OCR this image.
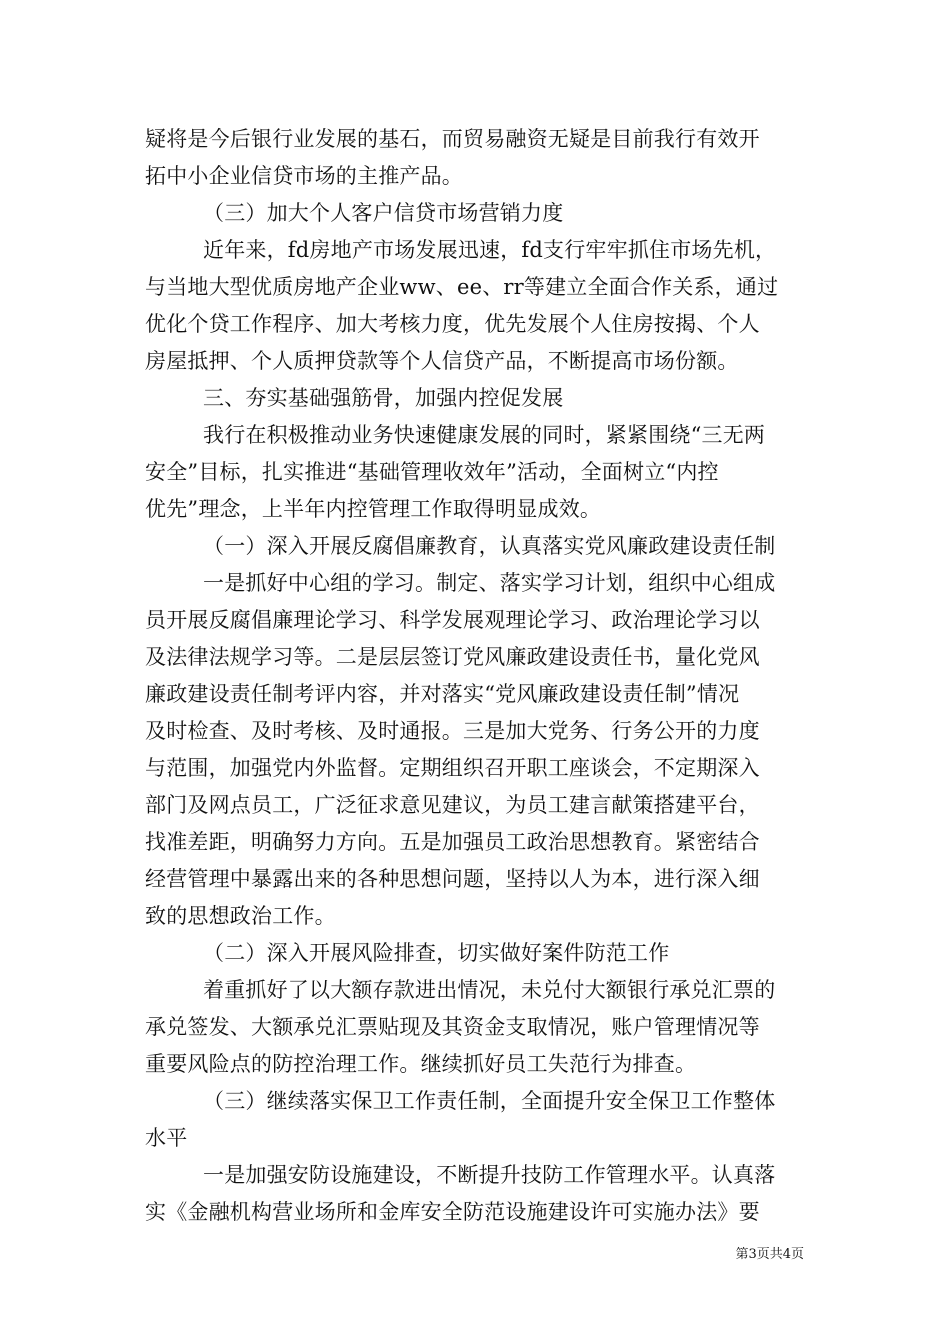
疑将是今后银行业发展的基石，而贸易融资无疑是目前我行有效开
拓中小企业信贷市场的主推产品。
（三）加大个人客户信贷市场营销力度
近年来，fd房地产市场发展迅速，fd支行牢牢抓住市场先机，
与当地大型优质房地产企业ww、ee、rr等建立全面合作关系，通过
优化个贷工作程序、加大考核力度，优先发展个人住房按揭、个人
房屋抵押、个人质押贷款等个人信贷产品，不断提高市场份额。
三、夯实基础强筋骨，加强内控促发展
我行在积极推动业务快速健康发展的同时，紧紧围绕“三无两
安全”目标，扎实推进“基础管理收效年”活动，全面树立“内控
优先”理念，上半年内控管理工作取得明显成效。
（一）深入开展反腐倡廉教育，认真落实党风廉政建设责任制
一是抓好中心组的学习。制定、落实学习计划，组织中心组成
员开展反腐倡廉理论学习、科学发展观理论学习、政治理论学习以
及法律法规学习等。二是层层签订党风廉政建设责任书，量化党风
廉政建设责任制考评内容，并对落实“党风廉政建设责任制”情况
及时检查、及时考核、及时通报。三是加大党务、行务公开的力度
与范围，加强党内外监督。定期组织召开职工座谈会，不定期深入
部门及网点员工，广泛征求意见建议，为员工建言献策搭建平台，
找准差距，明确努力方向。五是加强员工政治思想教育。紧密结合
经营管理中暴露出来的各种思想问题，坚持以人为本，进行深入细
致的思想政治工作。
（二）深入开展风险排查，切实做好案件防范工作
着重抓好了以大额存款进出情况，未兑付大额银行承兑汇票的
承兑签发、大额承兑汇票贴现及其资金支取情况，账户管理情况等
重要风险点的防控治理工作。继续抓好员工失范行为排查。
（三）继续落实保卫工作责任制，全面提升安全保卫工作整体
水平
一是加强安防设施建设，不断提升技防工作管理水平。认真落
实《金融机构营业场所和金库安全防范设施建设许可实施办法》要
第3页共4页
